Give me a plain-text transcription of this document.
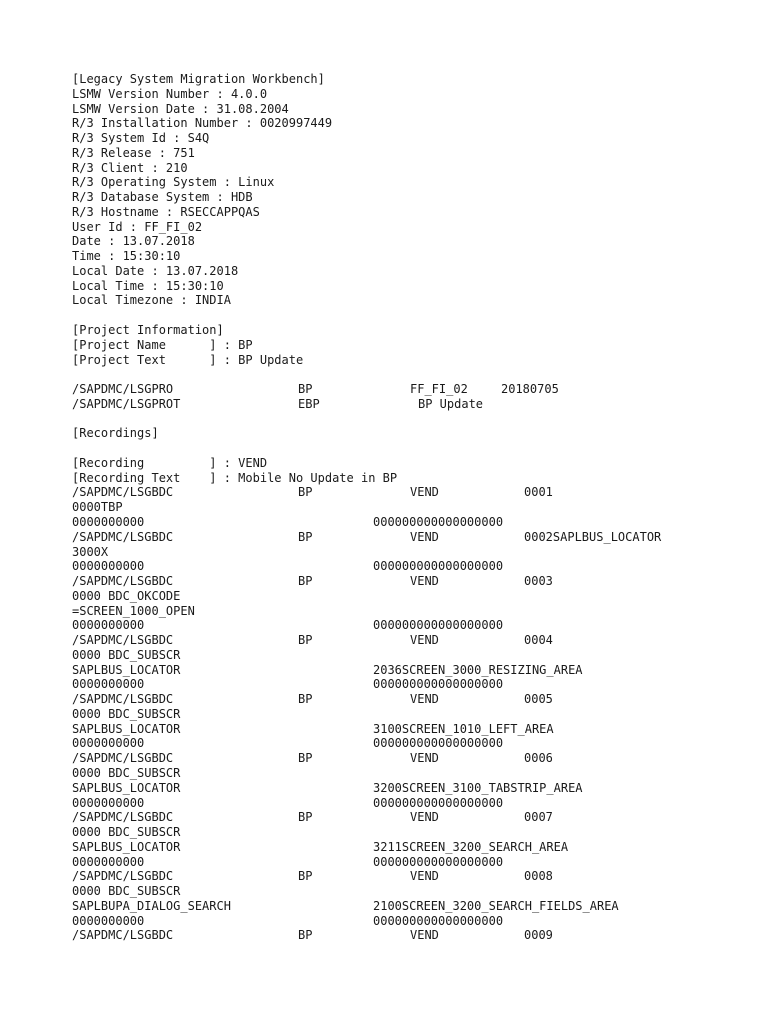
[Legacy System Migration Workbench]
LSMW Version Number : 4.0.0
LSMW Version Date : 31.08.2004
R/3 Installation Number : 0020997449
R/3 System Id : S4Q
R/3 Release : 751
R/3 Client : 210
R/3 Operating System : Linux
R/3 Database System : HDB
R/3 Hostname : RSECCAPPQAS
User Id : FF_FI_02
Date : 13.07.2018
Time : 15:30:10
Local Date : 13.07.2018
Local Time : 15:30:10
Local Timezone : INDIA
[Project Information]
[Project Name      ] : BP
[Project Text      ] : BP Update
/SAPDMC/LSGPRO	BP	FF_FI_02	20180705
/SAPDMC/LSGPROT	EBP	BP Update
[Recordings]
[Recording         ] : VEND
[Recording Text    ] : Mobile No Update in BP
/SAPDMC/LSGBDC	BP	VEND	0001
0000TBP
0000000000	000000000000000000
/SAPDMC/LSGBDC	BP	VEND	0002SAPLBUS_LOCATOR
3000X
0000000000	000000000000000000
/SAPDMC/LSGBDC	BP	VEND	0003
0000 BDC_OKCODE
=SCREEN_1000_OPEN
0000000000	000000000000000000
/SAPDMC/LSGBDC	BP	VEND	0004
0000 BDC_SUBSCR
SAPLBUS_LOCATOR	2036SCREEN_3000_RESIZING_AREA
0000000000	000000000000000000
/SAPDMC/LSGBDC	BP	VEND	0005
0000 BDC_SUBSCR
SAPLBUS_LOCATOR	3100SCREEN_1010_LEFT_AREA
0000000000	000000000000000000
/SAPDMC/LSGBDC	BP	VEND	0006
0000 BDC_SUBSCR
SAPLBUS_LOCATOR	3200SCREEN_3100_TABSTRIP_AREA
0000000000	000000000000000000
/SAPDMC/LSGBDC	BP	VEND	0007
0000 BDC_SUBSCR
SAPLBUS_LOCATOR	3211SCREEN_3200_SEARCH_AREA
0000000000	000000000000000000
/SAPDMC/LSGBDC	BP	VEND	0008
0000 BDC_SUBSCR
SAPLBUPA_DIALOG_SEARCH	2100SCREEN_3200_SEARCH_FIELDS_AREA
0000000000	000000000000000000
/SAPDMC/LSGBDC	BP	VEND	0009
